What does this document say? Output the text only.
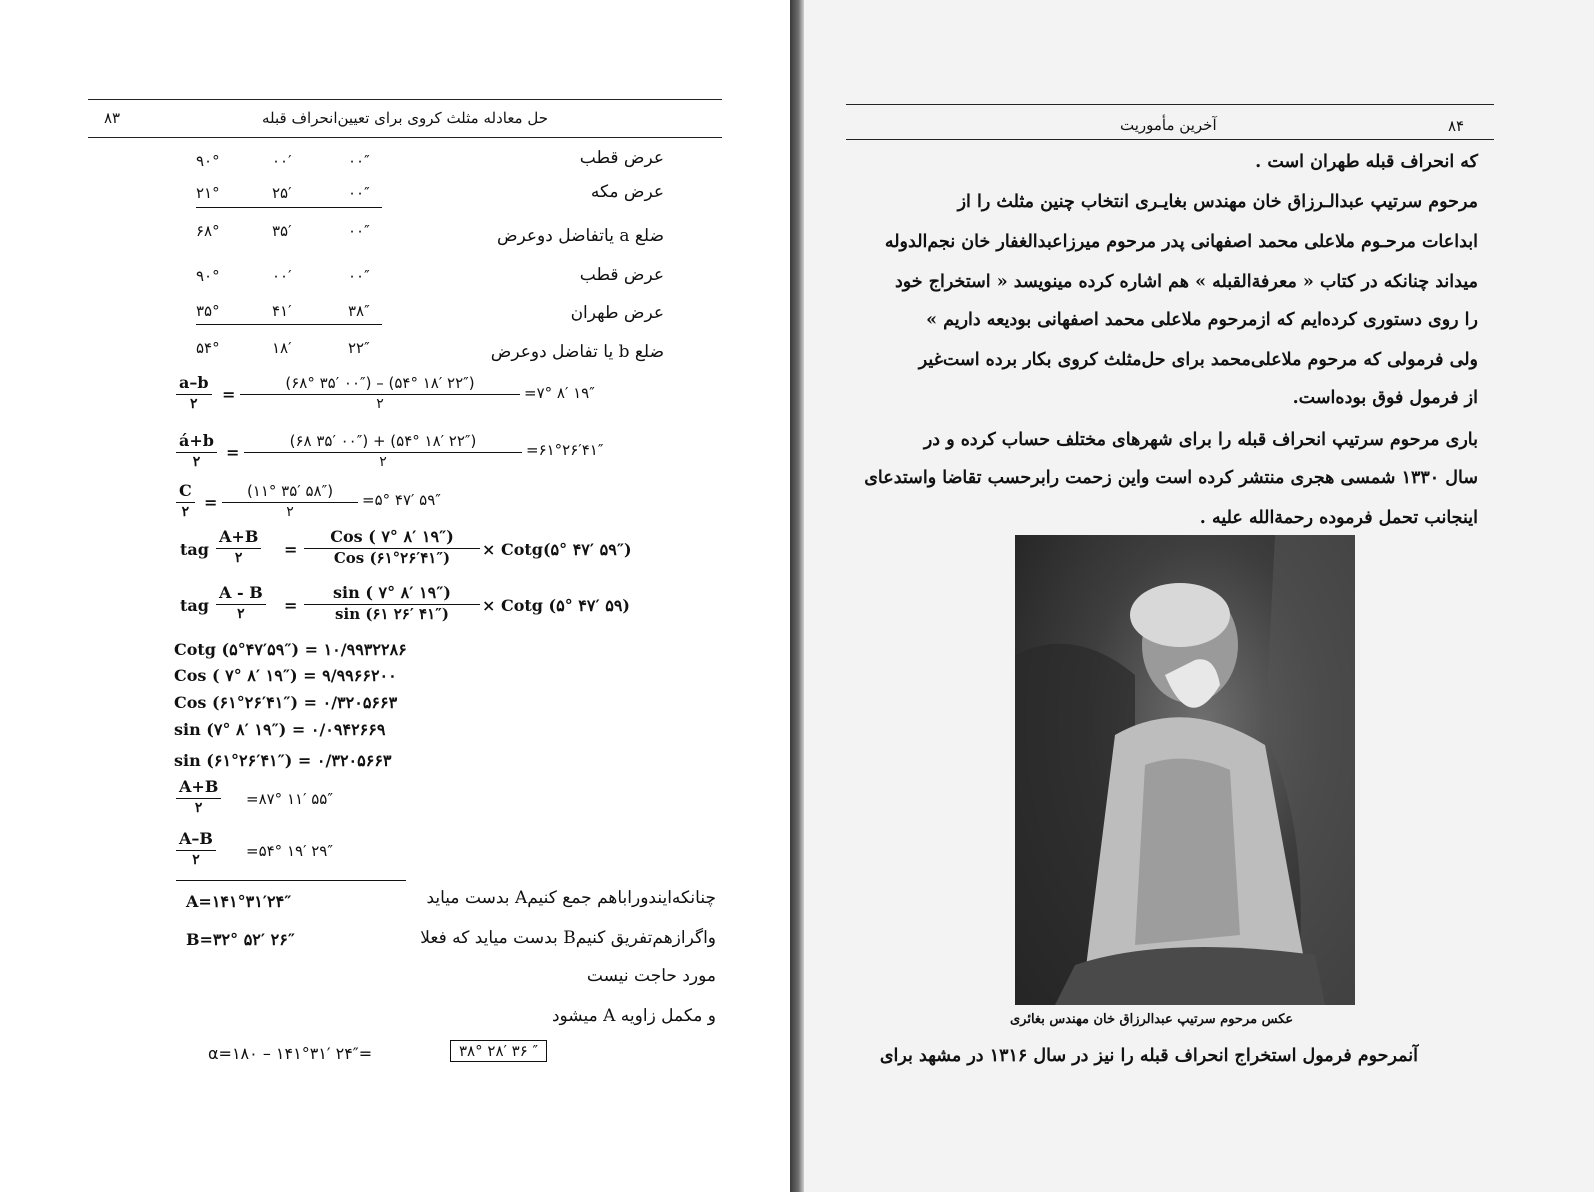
۸۳	حل معادله مثلث کروی برای تعیین‌انحراف قبله
۹۰°	۰۰′	۰۰″	عرض قطب
۲۱°	۲۵′	۰۰″	عرض مکه
۶۸°	۳۵′	۰۰″	ضلع a یاتفاضل دوعرض
۹۰°	۰۰′	۰۰″	عرض قطب
۳۵°	۴۱′	۳۸″	عرض طهران
۵۴°	۱۸′	۲۲″	ضلع b یا تفاضل دوعرض
a–b
۲ =
(۶۸° ۳۵′ ۰۰″) – (۵۴° ۱۸′ ۲۲″)
۲
=۷° ۸′ ۱۹″
á+b
۲ =
(۶۸ ۳۵′ ۰۰″) + (۵۴° ۱۸′ ۲۲″)
۲
=۶۱°۲۶′۴۱″
C
۲ =
(۱۱° ۳۵′ ۵۸″)
۲
=۵° ۴۷′ ۵۹″
tag
A+B
۲	=
Cos ( ۷° ۸′ ۱۹″)
Cos (۶۱°۲۶′۴۱″) × Cotg(۵° ۴۷′ ۵۹″)
tag
A - B
۲ = $\frac{\sin ( ۷^\circ ۸' ۱۹'')}{\sin (۶۱ ۲۶' ۴۱'')}$ × Cotg (۵° ۴۷′ ۵۹)
Cotg (۵°۴۷′۵۹″) = ۱۰/۹۹۳۲۲۸۶
Cos ( ۷° ۸′ ۱۹″) = ۹/۹۹۶۶۲۰۰
Cos (۶۱°۲۶′۴۱″) = ۰/۳۲۰۵۶۶۳
sin (۷° ۸′ ۱۹″) = ۰/۰۹۴۲۶۶۹
sin (۶۱°۲۶′۴۱″) = ۰/۳۲۰۵۶۶۳
A+B
۲	=۸۷° ۱۱′ ۵۵″
A–B
۲	=۵۴° ۱۹′ ۲۹″
A=۱۴۱°۳۱′۲۴″	چنانکه‌ایندورابا‌هم جمع کنیمA بدست میاید
B=۳۲° ۵۲′ ۲۶″	و‌ا‌گرازهم‌تفریق کنیمB بدست میاید که فعلا
مورد حاجت نیست
و مکمل زاویه A میشود
α=۱۸۰ – ۱۴۱°۳۱′ ۲۴″=	۳۸° ۲۸′ ۳۶ ″
۸۴
آخرین مأموریت
که انحراف قبله طهران است .
مرحوم سرتیپ عبدالـرزاق خان مهندس بغایـری انتخاب چنین مثلث را از
ابداعات مرحـوم ملاعلی محمد اصفهانی پدر مرحوم میرزاعبدالغفار خان نجم‌الدوله
میداند چنانکه در کتاب « معرفةالقبله » هم اشاره کرده مینویسد « استخراج خود
را روی دستوری کرده‌ایم که ازمرحوم ملاعلی محمد اصفهانی بودیعه داریم »
ولی فرمولی که مرحوم ملاعلی‌محمد برای حل‌مثلث کروی بکار برده است‌غیر
از فرمول فوق بوده‌است.
باری مرحوم سرتیپ انحراف قبله را برای شهرهای مختلف حساب کرده و در
سال ۱۳۳۰ شمسی هجری منتشر کرده است واین زحمت رابرحسب تقاضا واستدعای
اینجانب تحمل فرموده رحمةالله علیه .
عکس مرحوم سرتیپ عبدالرزاق خان مهندس بغائری
آنمرحوم فرمول استخراج انحراف قبله را نیز در سال ۱۳۱۶ در مشهد برای
